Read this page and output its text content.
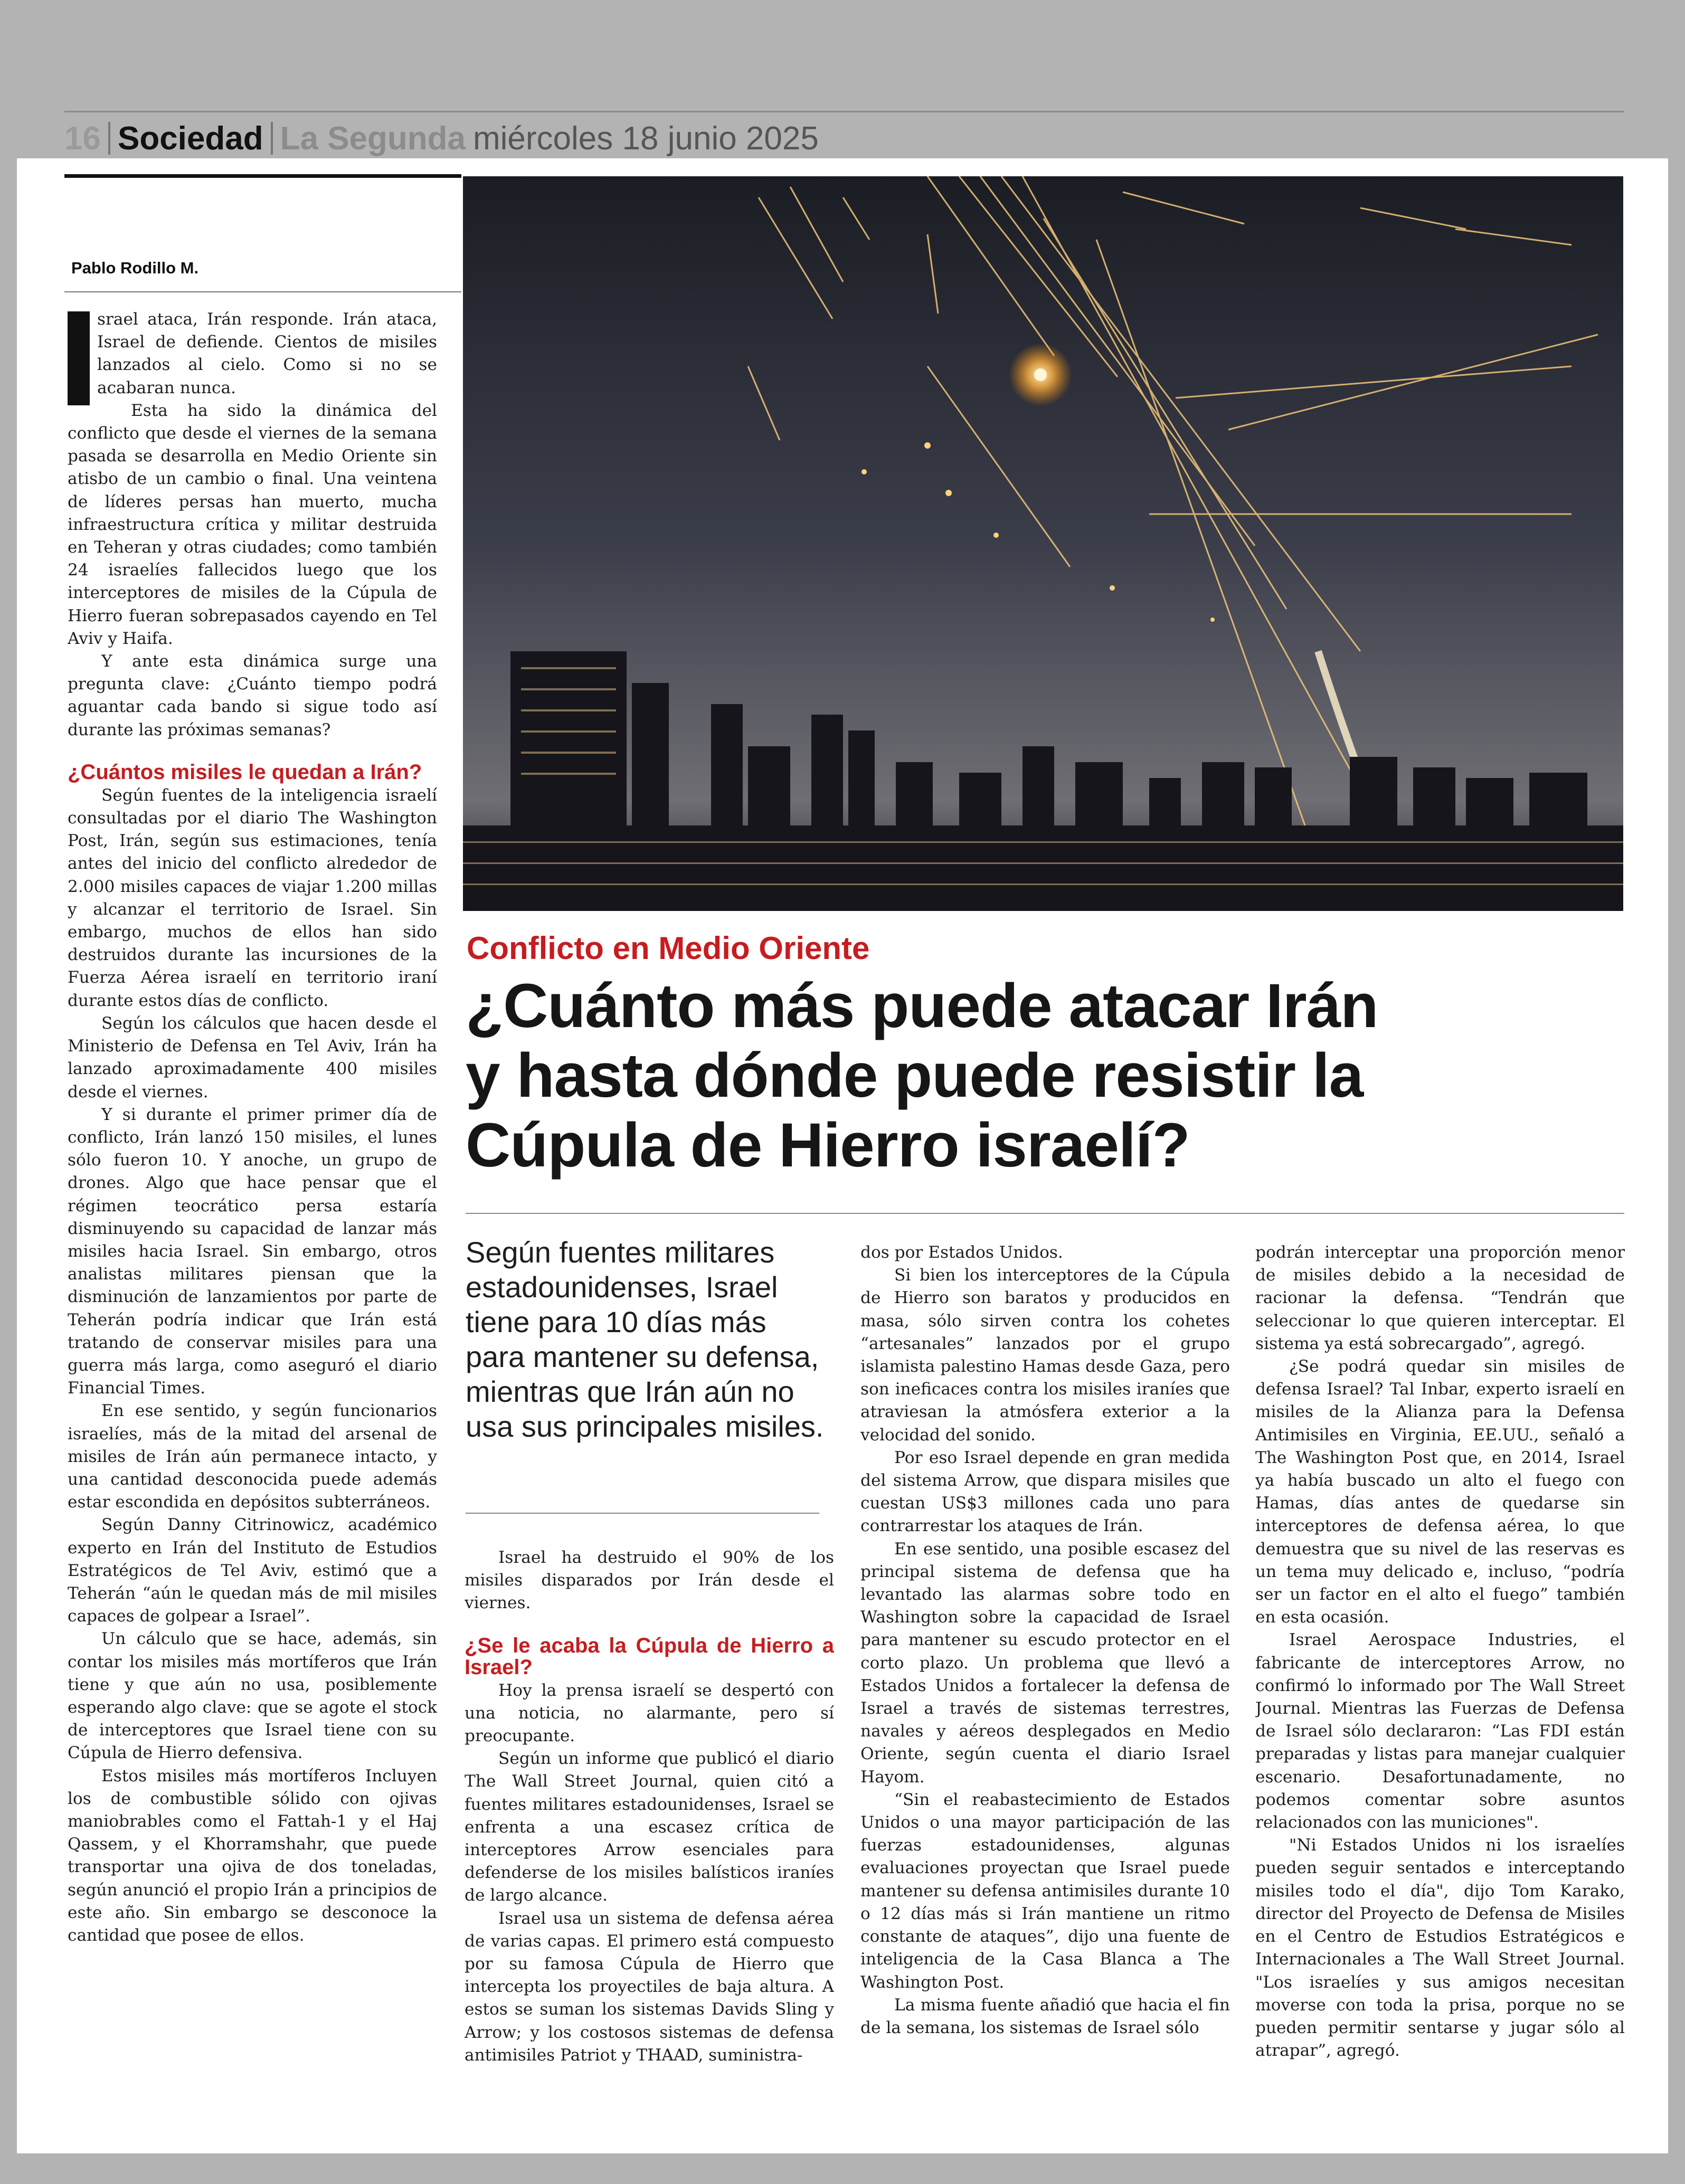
16 Sociedad La Segunda miércoles 18 junio 2025
Pablo Rodillo M.

srael ataca, Irán responde. Irán ataca, Israel de defiende. Cientos de misiles lanzados al cielo. Como si no se acabaran nunca.

Esta ha sido la dinámica del conflicto que desde el viernes de la semana pasada se desarrolla en Medio Oriente sin atisbo de un cambio o final. Una veintena de líderes persas han muerto, mucha infraestructura crítica y militar destruida en Teheran y otras ciudades; como también 24 israelíes fallecidos luego que los interceptores de misiles de la Cúpula de Hierro fueran sobrepasados cayendo en Tel Aviv y Haifa.

Y ante esta dinámica surge una pregunta clave: ¿Cuánto tiempo podrá aguantar cada bando si sigue todo así durante las próximas semanas?

¿Cuántos misiles le quedan a Irán?

Según fuentes de la inteligencia israelí consultadas por el diario The Washington Post, Irán, según sus estimaciones, tenía antes del inicio del conflicto alrededor de 2.000 misiles capaces de viajar 1.200 millas y alcanzar el territorio de Israel. Sin embargo, muchos de ellos han sido destruidos durante las incursiones de la Fuerza Aérea israelí en territorio iraní durante estos días de conflicto.

Según los cálculos que hacen desde el Ministerio de Defensa en Tel Aviv, Irán ha lanzado aproximadamente 400 misiles desde el viernes.

Y si durante el primer primer día de conflicto, Irán lanzó 150 misiles, el lunes sólo fueron 10. Y anoche, un grupo de drones. Algo que hace pensar que el régimen teocrático persa estaría disminuyendo su capacidad de lanzar más misiles hacia Israel. Sin embargo, otros analistas militares piensan que la disminución de lanzamientos por parte de Teherán podría indicar que Irán está tratando de conservar misiles para una guerra más larga, como aseguró el diario Financial Times.

En ese sentido, y según funcionarios israelíes, más de la mitad del arsenal de misiles de Irán aún permanece intacto, y una cantidad desconocida puede además estar escondida en depósitos subterráneos.

Según Danny Citrinowicz, académico experto en Irán del Instituto de Estudios Estratégicos de Tel Aviv, estimó que a Teherán “aún le quedan más de mil misiles capaces de golpear a Israel”.

Un cálculo que se hace, además, sin contar los misiles más mortíferos que Irán tiene y que aún no usa, posiblemente esperando algo clave: que se agote el stock de interceptores que Israel tiene con su Cúpula de Hierro defensiva.

Estos misiles más mortíferos Incluyen los de combustible sólido con ojivas maniobrables como el Fattah-1 y el Haj Qassem, y el Khorramshahr, que puede transportar una ojiva de dos toneladas, según anunció el propio Irán a principios de este año. Sin embargo se desconoce la cantidad que posee de ellos.

Conflicto en Medio Oriente
¿Cuánto más puede atacar Irán
y hasta dónde puede resistir la
Cúpula de Hierro israelí?
Según fuentes militares estadounidenses, Israel tiene para 10 días más para mantener su defensa, mientras que Irán aún no usa sus principales misiles.

Israel ha destruido el 90% de los misiles disparados por Irán desde el viernes.

¿Se le acaba la Cúpula de Hierro a Israel?

Hoy la prensa israelí se despertó con una noticia, no alarmante, pero sí preocupante.

Según un informe que publicó el diario The Wall Street Journal, quien citó a fuentes militares estadounidenses, Israel se enfrenta a una escasez crítica de interceptores Arrow esenciales para defenderse de los misiles balísticos iraníes de largo alcance.

Israel usa un sistema de defensa aérea de varias capas. El primero está compuesto por su famosa Cúpula de Hierro que intercepta los proyectiles de baja altura. A estos se suman los sistemas Davids Sling y Arrow; y los costosos sistemas de defensa antimisiles Patriot y THAAD, suministra-

dos por Estados Unidos.

Si bien los interceptores de la Cúpula de Hierro son baratos y producidos en masa, sólo sirven contra los cohetes “artesanales” lanzados por el grupo islamista palestino Hamas desde Gaza, pero son ineficaces contra los misiles iraníes que atraviesan la atmósfera exterior a la velocidad del sonido.

Por eso Israel depende en gran medida del sistema Arrow, que dispara misiles que cuestan US$3 millones cada uno para contrarrestar los ataques de Irán.

En ese sentido, una posible escasez del principal sistema de defensa que ha levantado las alarmas sobre todo en Washington sobre la capacidad de Israel para mantener su escudo protector en el corto plazo. Un problema que llevó a Estados Unidos a fortalecer la defensa de Israel a través de sistemas terrestres, navales y aéreos desplegados en Medio Oriente, según cuenta el diario Israel Hayom.

“Sin el reabastecimiento de Estados Unidos o una mayor participación de las fuerzas estadounidenses, algunas evaluaciones proyectan que Israel puede mantener su defensa antimisiles durante 10 o 12 días más si Irán mantiene un ritmo constante de ataques”, dijo una fuente de inteligencia de la Casa Blanca a The Washington Post.

La misma fuente añadió que hacia el fin de la semana, los sistemas de Israel sólo

podrán interceptar una proporción menor de misiles debido a la necesidad de racionar la defensa. “Tendrán que seleccionar lo que quieren interceptar. El sistema ya está sobrecargado”, agregó.

¿Se podrá quedar sin misiles de defensa Israel? Tal Inbar, experto israelí en misiles de la Alianza para la Defensa Antimisiles en Virginia, EE.UU., señaló a The Washington Post que, en 2014, Israel ya había buscado un alto el fuego con Hamas, días antes de quedarse sin interceptores de defensa aérea, lo que demuestra que su nivel de las reservas es un tema muy delicado e, incluso, “podría ser un factor en el alto el fuego” también en esta ocasión.

Israel Aerospace Industries, el fabricante de interceptores Arrow, no confirmó lo informado por The Wall Street Journal. Mientras las Fuerzas de Defensa de Israel sólo declararon: “Las FDI están preparadas y listas para manejar cualquier escenario. Desafortunadamente, no podemos comentar sobre asuntos relacionados con las municiones".

"Ni Estados Unidos ni los israelíes pueden seguir sentados e interceptando misiles todo el día", dijo Tom Karako, director del Proyecto de Defensa de Misiles en el Centro de Estudios Estratégicos e Internacionales a The Wall Street Journal. "Los israelíes y sus amigos necesitan moverse con toda la prisa, porque no se pueden permitir sentarse y jugar sólo al atrapar”, agregó.
